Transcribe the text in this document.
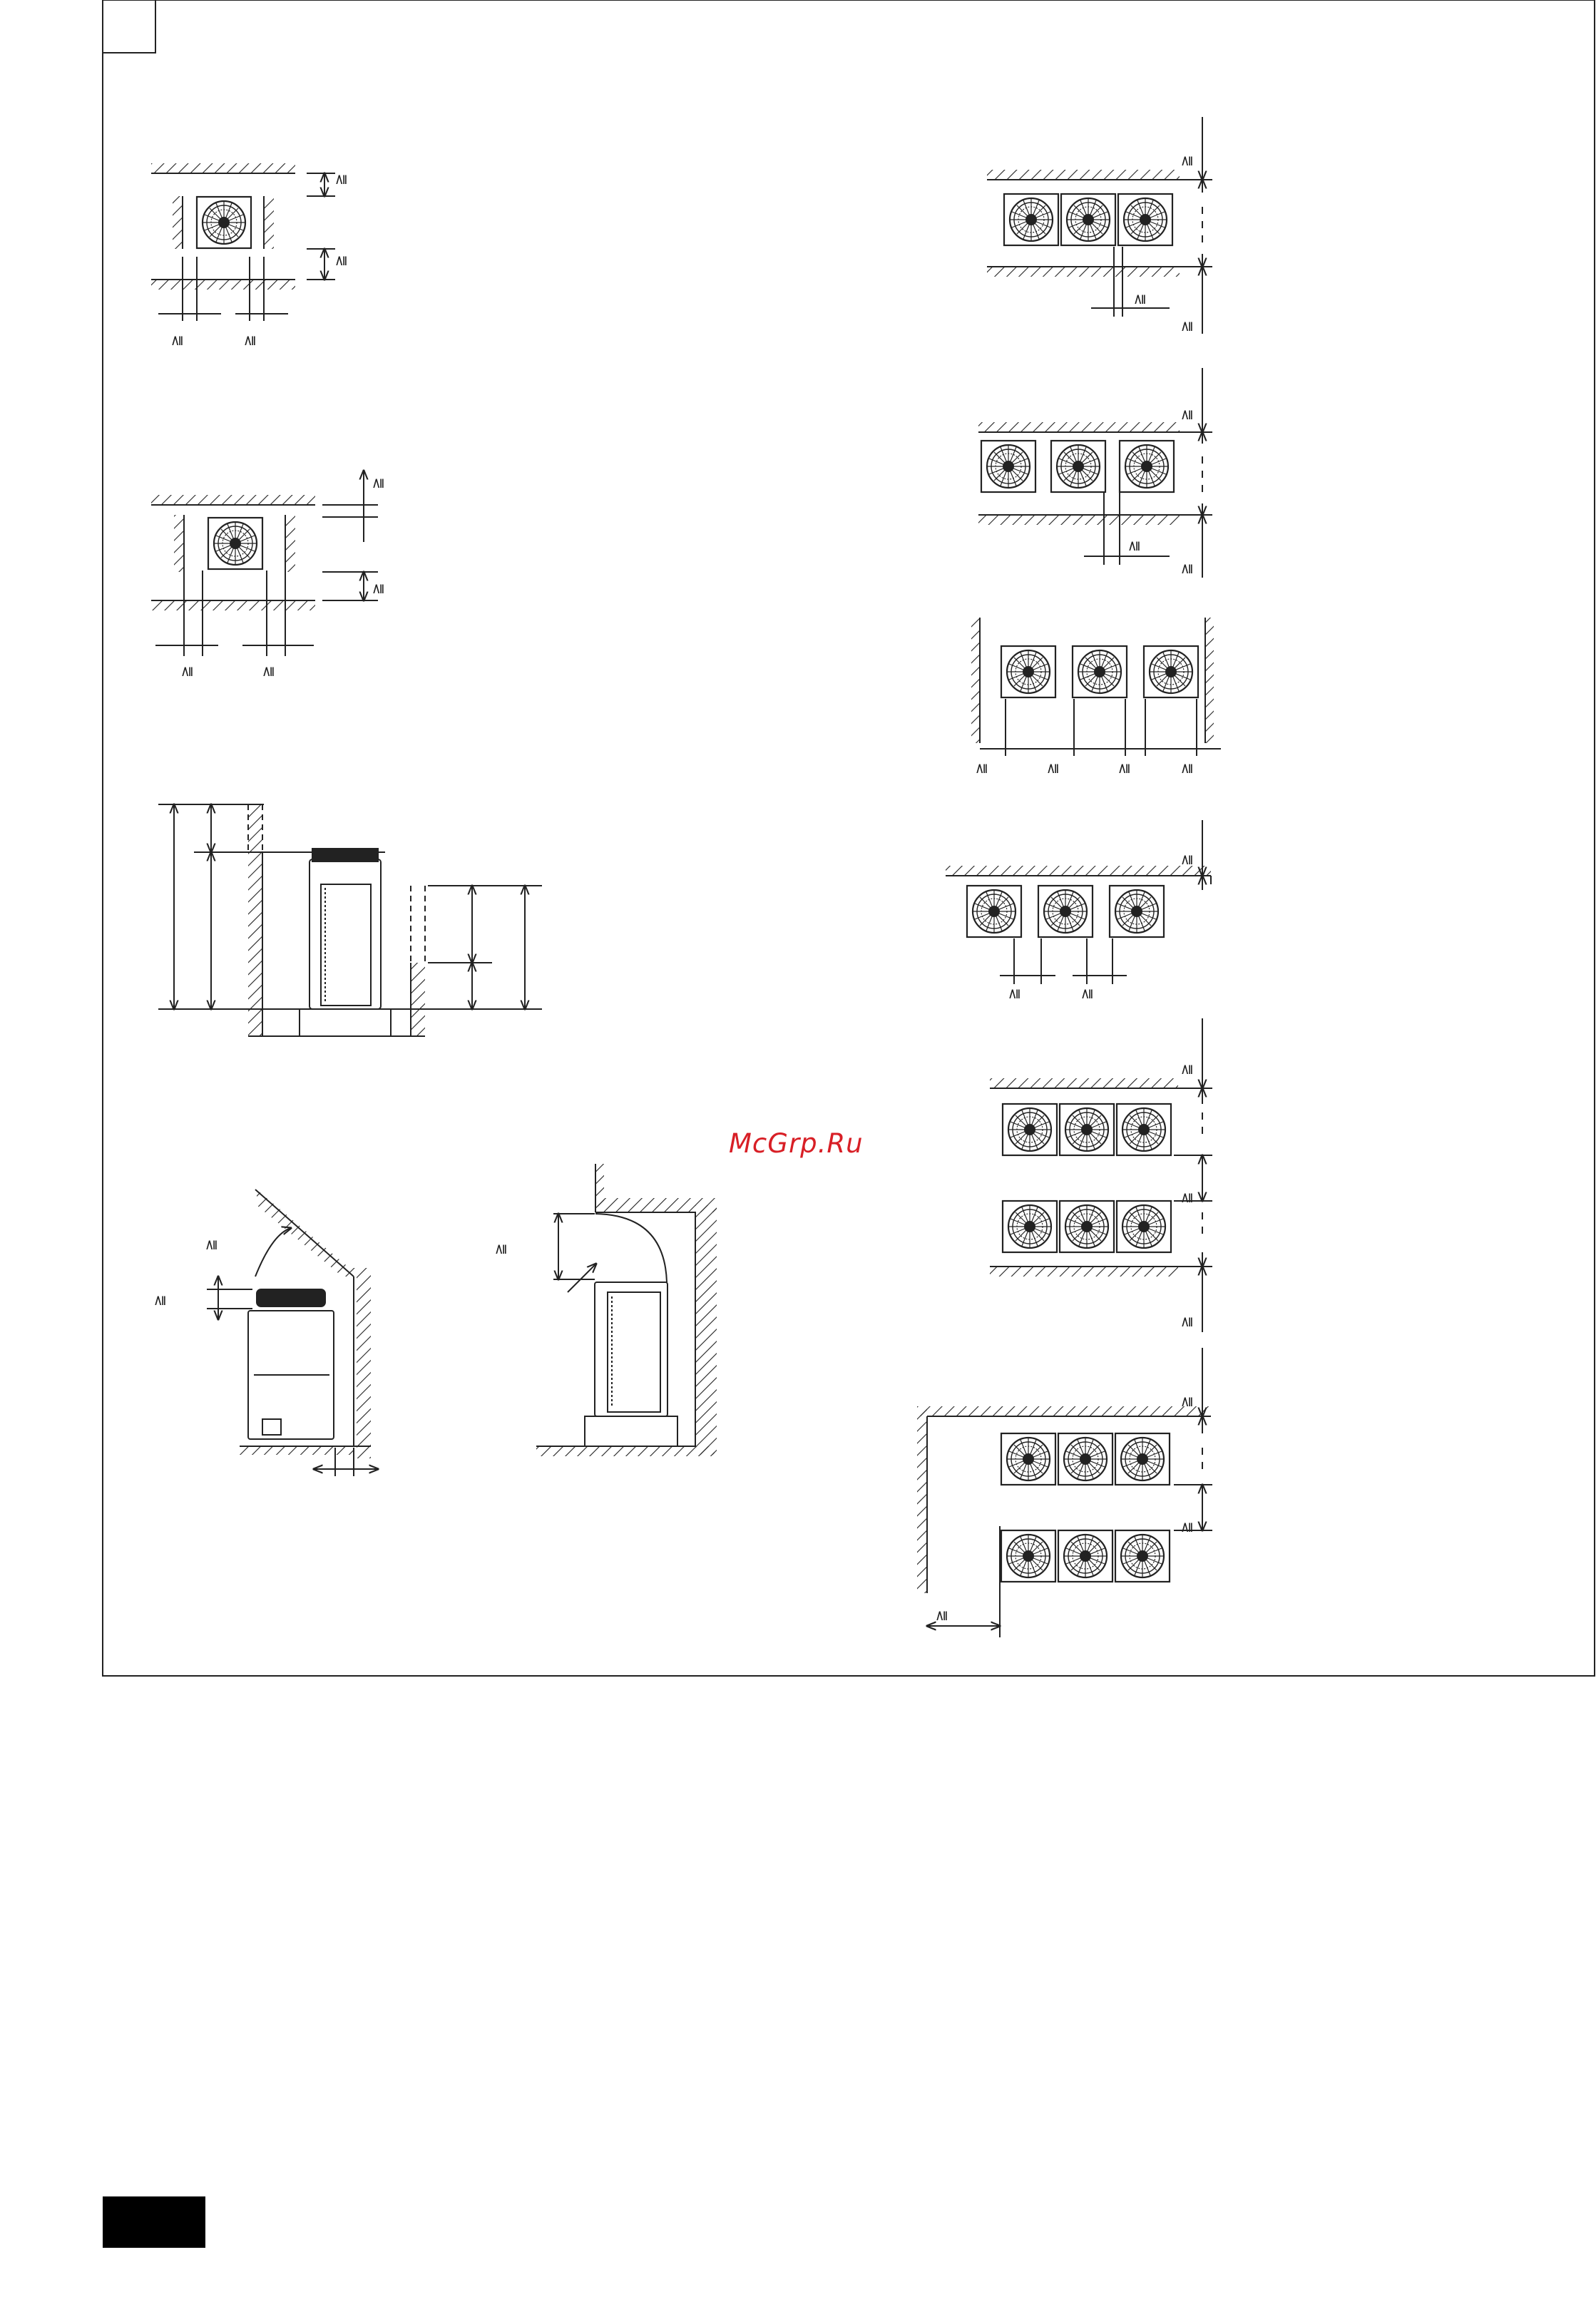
≧
≧
≧	≧
≧
≧
≧	≧
≧
≧
≧
≧
≧
≧
≧
≧
≧
≧	≧	≧	≧
≧
≧	≧
≧
≧
≧
≧
≧
≧
McGrp.Ru
